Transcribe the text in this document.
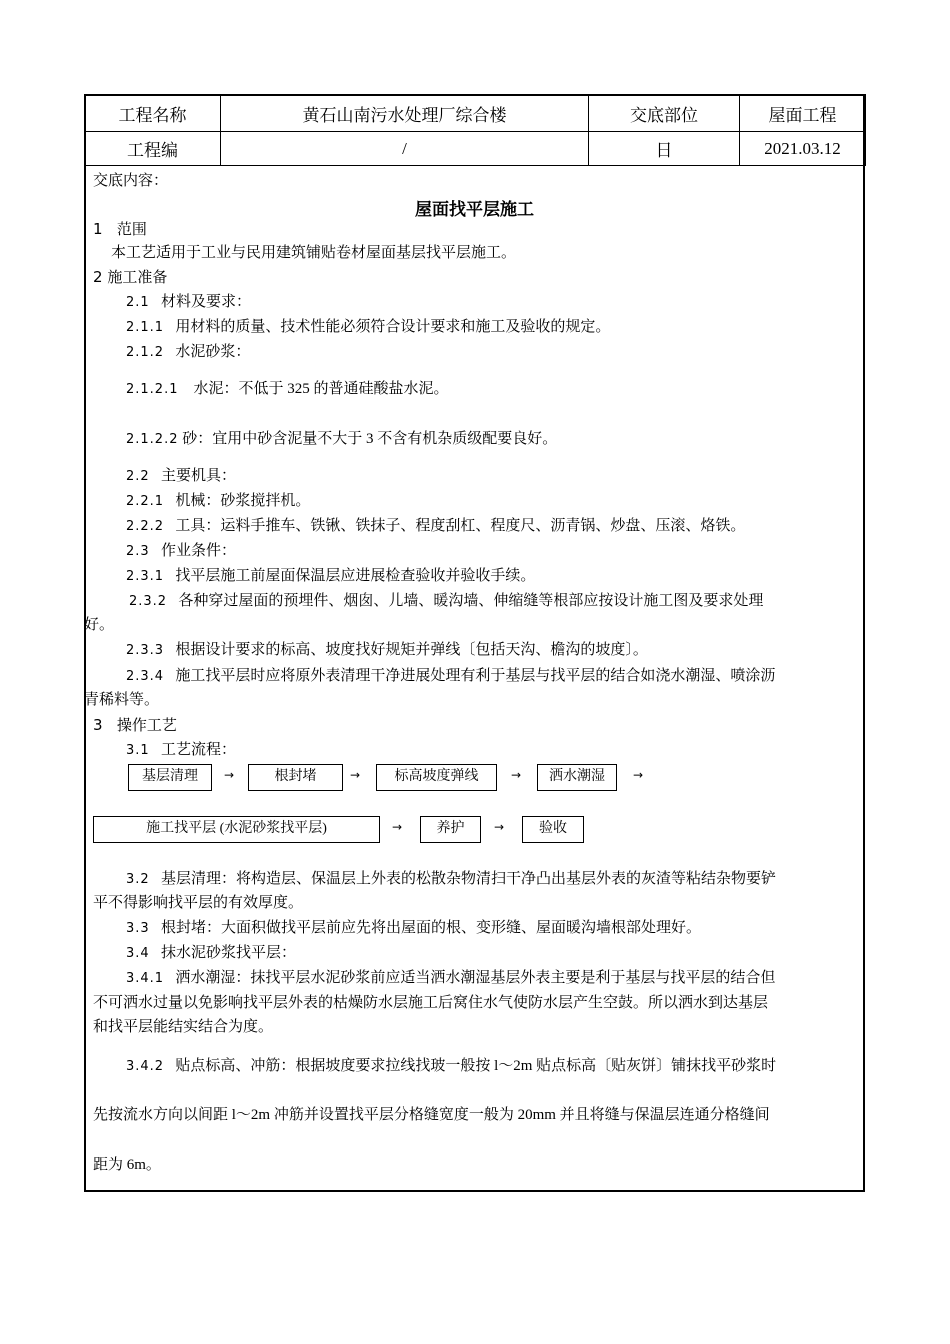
工程名称	黄石山南污水处理厂综合楼	交底部位	屋面工程
工程编	/	日	2021.03.12
交底内容：
屋面找平层施工
1 范围
本工艺适用于工业与民用建筑铺贴卷材屋面基层找平层施工。
2 施工准备
2.1 材料及要求：
2.1.1 用材料的质量、技术性能必须符合设计要求和施工及验收的规定。
2.1.2 水泥砂浆：
2.1.2.1 水泥：不低于 325 的普通硅酸盐水泥。
2.1.2.2 砂：宜用中砂含泥量不大于 3 不含有机杂质级配要良好。
2.2 主要机具：
2.2.1 机械：砂浆搅拌机。
2.2.2 工具：运料手推车、铁锹、铁抹子、程度刮杠、程度尺、沥青锅、炒盘、压滚、烙铁。
2.3 作业条件：
2.3.1 找平层施工前屋面保温层应进展检查验收并验收手续。
2.3.2 各种穿过屋面的预埋件、烟囱、儿墙、暖沟墙、伸缩缝等根部应按设计施工图及要求处理
好。
2.3.3 根据设计要求的标高、坡度找好规矩并弹线〔包括天沟、檐沟的坡度〕。
2.3.4 施工找平层时应将原外表清理干净进展处理有利于基层与找平层的结合如浇水潮湿、喷涂沥
青稀料等。
3 操作工艺
3.1 工艺流程：
基层清理	→	根封堵	→	标高坡度弹线	→	洒水潮湿	→
施工找平层 (水泥砂浆找平层)	→	养护	→	验收
3.2 基层清理：将构造层、保温层上外表的松散杂物清扫干净凸出基层外表的灰渣等粘结杂物要铲
平不得影响找平层的有效厚度。
3.3 根封堵：大面积做找平层前应先将出屋面的根、变形缝、屋面暖沟墙根部处理好。
3.4 抹水泥砂浆找平层：
3.4.1 洒水潮湿：抹找平层水泥砂浆前应适当洒水潮湿基层外表主要是利于基层与找平层的结合但
不可洒水过量以免影响找平层外表的枯燥防水层施工后窝住水气使防水层产生空鼓。所以洒水到达基层
和找平层能结实结合为度。
3.4.2 贴点标高、冲筋：根据坡度要求拉线找玻一般按 l～2m 贴点标高〔贴灰饼〕铺抹找平砂浆时
先按流水方向以间距 l～2m 冲筋并设置找平层分格缝宽度一般为 20mm 并且将缝与保温层连通分格缝间
距为 6m。
